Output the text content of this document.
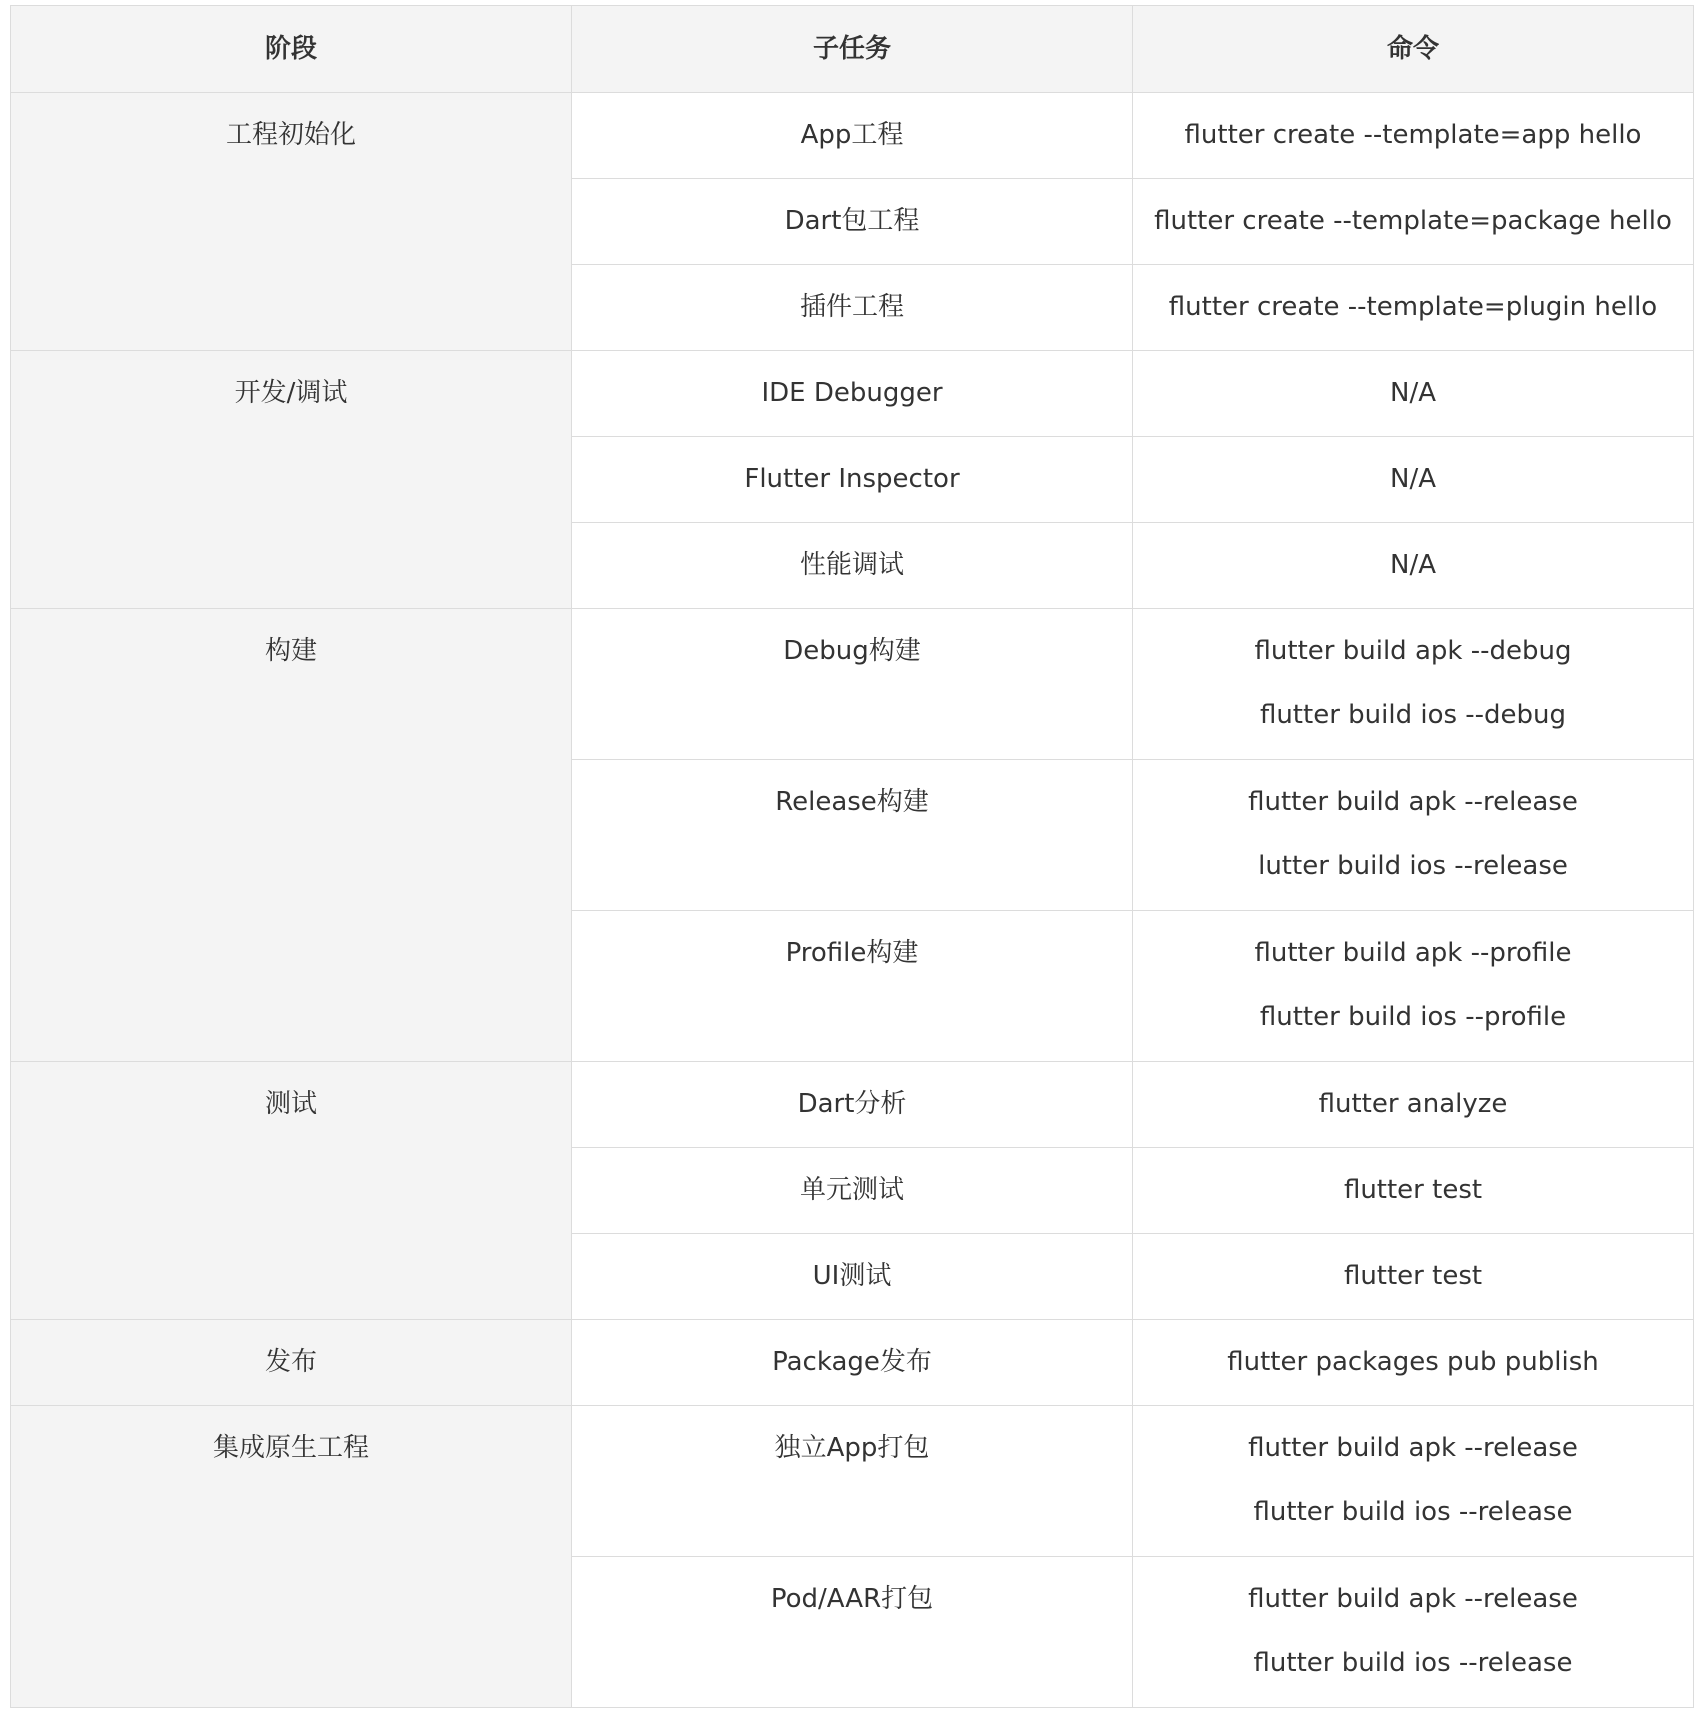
阶段	子任务	命令

工程初始化	App工程	flutter create --template=app hello

	Dart包工程	flutter create --template=package hello

	插件工程	flutter create --template=plugin hello

开发/调试	IDE Debugger	N/A

	Flutter Inspector	N/A

	性能调试	N/A

构建	Debug构建	flutter build apk --debug
flutter build ios --debug

	Release构建	flutter build apk --release
lutter build ios --release

	Profile构建	flutter build apk --profile
flutter build ios --profile

测试	Dart分析	flutter analyze

	单元测试	flutter test

	UI测试	flutter test

发布	Package发布	flutter packages pub publish

集成原生工程	独立App打包	flutter build apk --release
flutter build ios --release

	Pod/AAR打包	flutter build apk --release
flutter build ios --release
